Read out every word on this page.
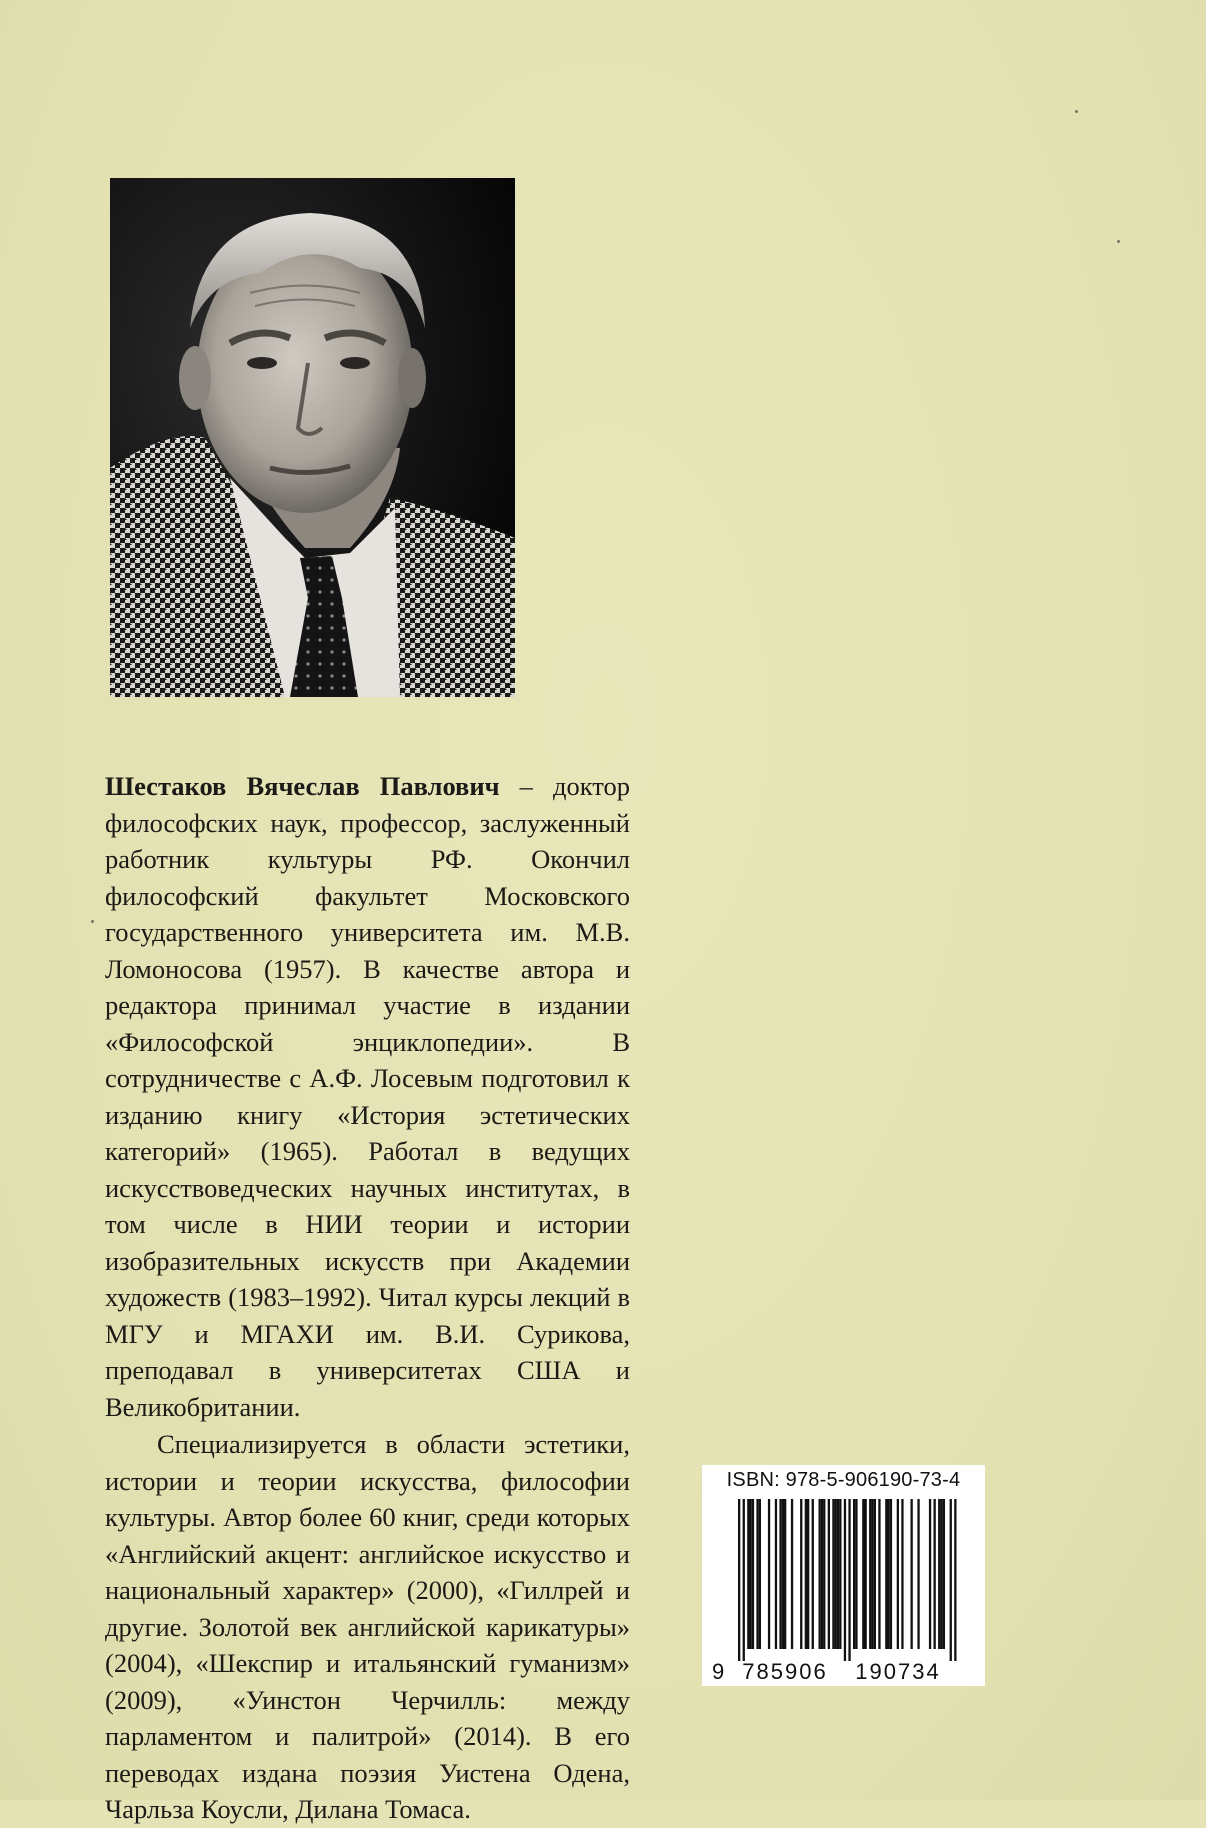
Шестаков Вячеслав Павлович – доктор философских наук, профессор, заслуженный работник культуры РФ. Окончил философский факультет Московского государственного университета им. М.В. Ломоносова (1957). В качестве автора и редактора принимал участие в издании «Философской энциклопедии». В сотрудничестве с А.Ф. Лосевым подготовил к изданию книгу «История эстетических категорий» (1965). Работал в ведущих искусствоведческих научных институтах, в том числе в НИИ теории и истории изобразительных искусств при Академии художеств (1983–1992). Читал курсы лекций в МГУ и МГАХИ им. В.И. Сурикова, преподавал в университетах США и Великобритании.

Специализируется в области эстетики, истории и теории искусства, философии культуры. Автор более 60 книг, среди которых «Английский акцент: английское искусство и национальный характер» (2000), «Гиллрей и другие. Золотой век английской карикатуры» (2004), «Шекспир и итальянский гуманизм» (2009), «Уинстон Черчилль: между парламентом и палитрой» (2014). В его переводах издана поэзия Уистена Одена, Чарльза Коусли, Дилана Томаса.

ISBN: 978-5-906190-73-4
9 785906 190734
